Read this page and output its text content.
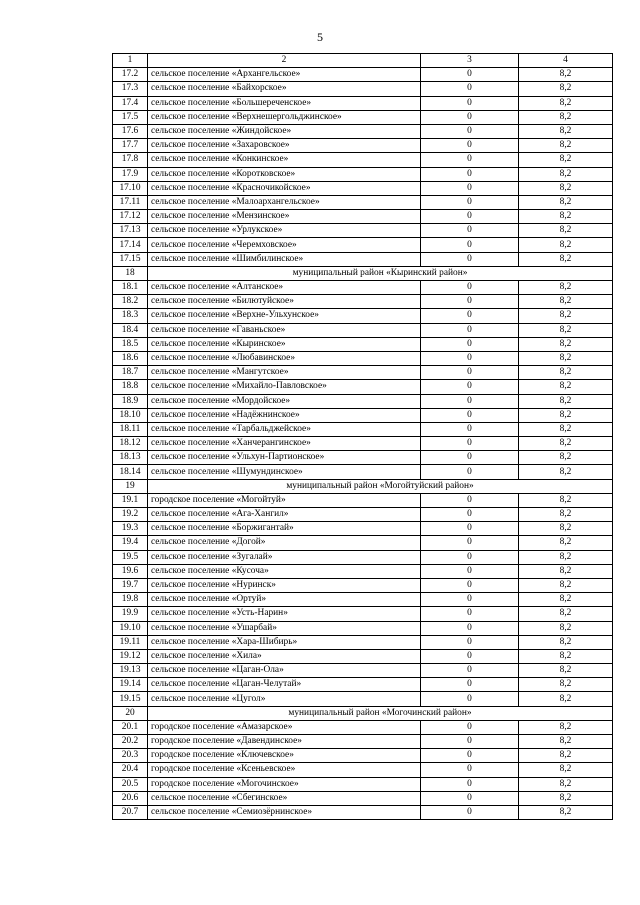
5
1	2	3	4
17.2	сельское поселение «Архангельское»	0	8,2
17.3	сельское поселение «Байхорское»	0	8,2
17.4	сельское поселение «Большереченское»	0	8,2
17.5	сельское поселение «Верхнешергольджинское»	0	8,2
17.6	сельское поселение «Жиндойское»	0	8,2
17.7	сельское поселение «Захаровское»	0	8,2
17.8	сельское поселение «Конкинское»	0	8,2
17.9	сельское поселение «Коротковское»	0	8,2
17.10	сельское поселение «Красночикойское»	0	8,2
17.11	сельское поселение «Малоархангельское»	0	8,2
17.12	сельское поселение «Мензинское»	0	8,2
17.13	сельское поселение «Урлукское»	0	8,2
17.14	сельское поселение «Черемховское»	0	8,2
17.15	сельское поселение «Шимбилинское»	0	8,2
18	муниципальный район «Кыринский район»		
18.1	сельское поселение «Алтанское»	0	8,2
18.2	сельское поселение «Билютуйское»	0	8,2
18.3	сельское поселение «Верхне-Ульхунское»	0	8,2
18.4	сельское поселение «Гаваньское»	0	8,2
18.5	сельское поселение «Кыринское»	0	8,2
18.6	сельское поселение «Любавинское»	0	8,2
18.7	сельское поселение «Мангутское»	0	8,2
18.8	сельское поселение «Михайло-Павловское»	0	8,2
18.9	сельское поселение «Мордойское»	0	8,2
18.10	сельское поселение «Надёжнинское»	0	8,2
18.11	сельское поселение «Тарбальджейское»	0	8,2
18.12	сельское поселение «Ханчерангинское»	0	8,2
18.13	сельское поселение «Ульхун-Партионское»	0	8,2
18.14	сельское поселение «Шумундинское»	0	8,2
19	муниципальный район «Могойтуйский район»		
19.1	городское поселение «Могойтуй»	0	8,2
19.2	сельское поселение «Ага-Хангил»	0	8,2
19.3	сельское поселение «Боржигантай»	0	8,2
19.4	сельское поселение «Догой»	0	8,2
19.5	сельское поселение «Зугалай»	0	8,2
19.6	сельское поселение «Кусоча»	0	8,2
19.7	сельское поселение «Нуринск»	0	8,2
19.8	сельское поселение «Ортуй»	0	8,2
19.9	сельское поселение «Усть-Нарин»	0	8,2
19.10	сельское поселение «Ушарбай»	0	8,2
19.11	сельское поселение «Хара-Шибирь»	0	8,2
19.12	сельское поселение «Хила»	0	8,2
19.13	сельское поселение «Цаган-Ола»	0	8,2
19.14	сельское поселение «Цаган-Челутай»	0	8,2
19.15	сельское поселение «Цугол»	0	8,2
20	муниципальный район «Могочинский район»		
20.1	городское поселение «Амазарское»	0	8,2
20.2	городское поселение «Давендинское»	0	8,2
20.3	городское поселение «Ключевское»	0	8,2
20.4	городское поселение «Ксеньевское»	0	8,2
20.5	городское поселение «Могочинское»	0	8,2
20.6	сельское поселение «Сбегинское»	0	8,2
20.7	сельское поселение «Семиозёрнинское»	0	8,2
